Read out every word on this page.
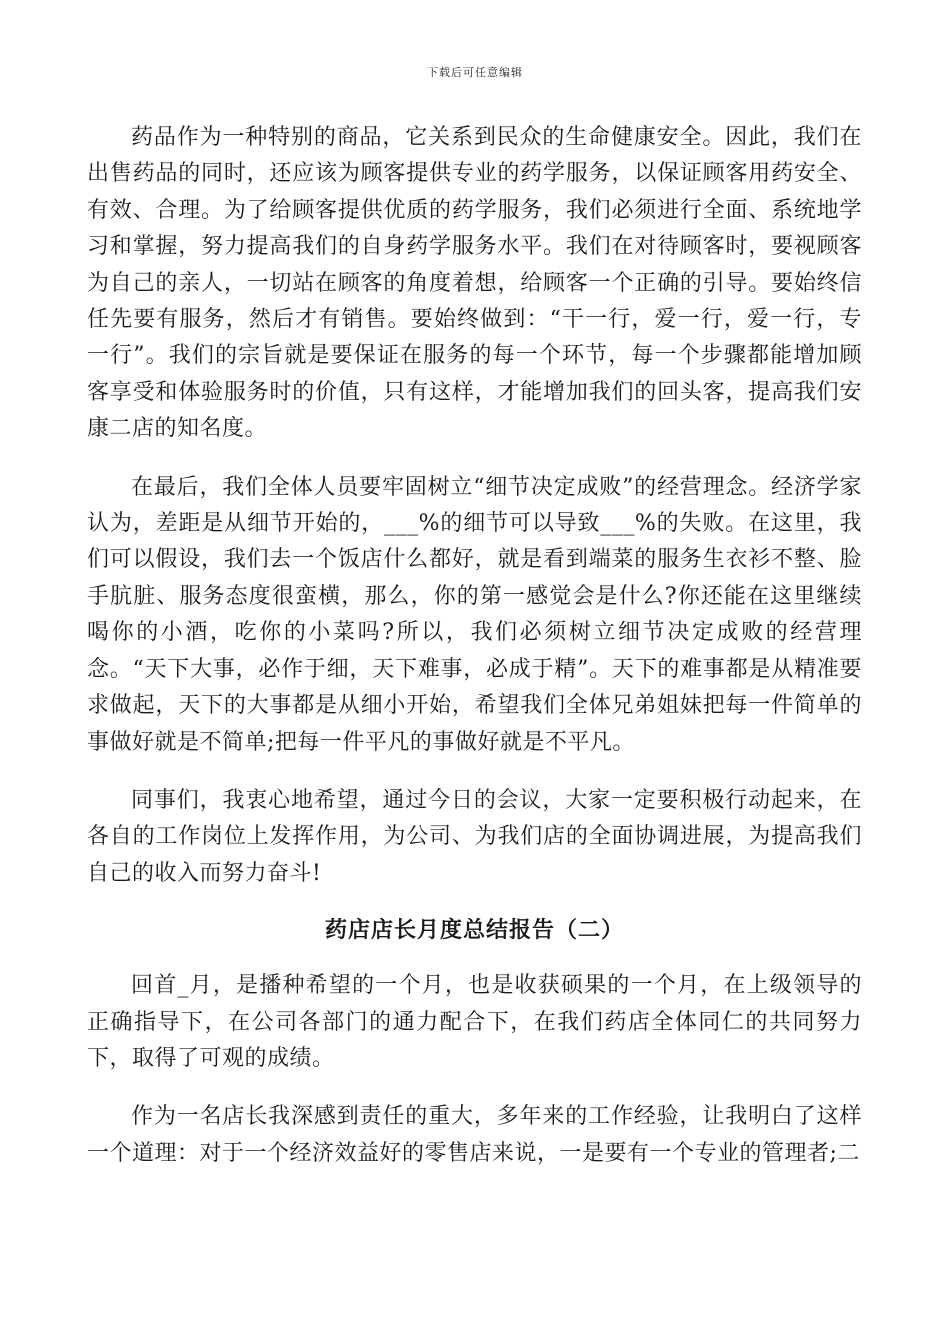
下载后可任意编辑

药品作为一种特别的商品，它关系到民众的生命健康安全。因此，我们在出售药品的同时，还应该为顾客提供专业的药学服务，以保证顾客用药安全、有效、合理。为了给顾客提供优质的药学服务，我们必须进行全面、系统地学习和掌握，努力提高我们的自身药学服务水平。我们在对待顾客时，要视顾客为自己的亲人，一切站在顾客的角度着想，给顾客一个正确的引导。要始终信任先要有服务，然后才有销售。要始终做到：“干一行，爱一行，爱一行，专一行”。我们的宗旨就是要保证在服务的每一个环节，每一个步骤都能增加顾客享受和体验服务时的价值，只有这样，才能增加我们的回头客，提高我们安康二店的知名度。

在最后，我们全体人员要牢固树立“细节决定成败”的经营理念。经济学家认为，差距是从细节开始的，___%的细节可以导致___%的失败。在这里，我们可以假设，我们去一个饭店什么都好，就是看到端菜的服务生衣衫不整、脸手肮脏、服务态度很蛮横，那么，你的第一感觉会是什么?你还能在这里继续喝你的小酒，吃你的小菜吗?所以，我们必须树立细节决定成败的经营理念。“天下大事，必作于细，天下难事，必成于精”。天下的难事都是从精准要求做起，天下的大事都是从细小开始，希望我们全体兄弟姐妹把每一件简单的事做好就是不简单;把每一件平凡的事做好就是不平凡。

同事们，我衷心地希望，通过今日的会议，大家一定要积极行动起来，在各自的工作岗位上发挥作用，为公司、为我们店的全面协调进展，为提高我们自己的收入而努力奋斗!

药店店长月度总结报告（二）

回首_月，是播种希望的一个月，也是收获硕果的一个月，在上级领导的正确指导下，在公司各部门的通力配合下，在我们药店全体同仁的共同努力下，取得了可观的成绩。

作为一名店长我深感到责任的重大，多年来的工作经验，让我明白了这样一个道理：对于一个经济效益好的零售店来说，一是要有一个专业的管理者;二
